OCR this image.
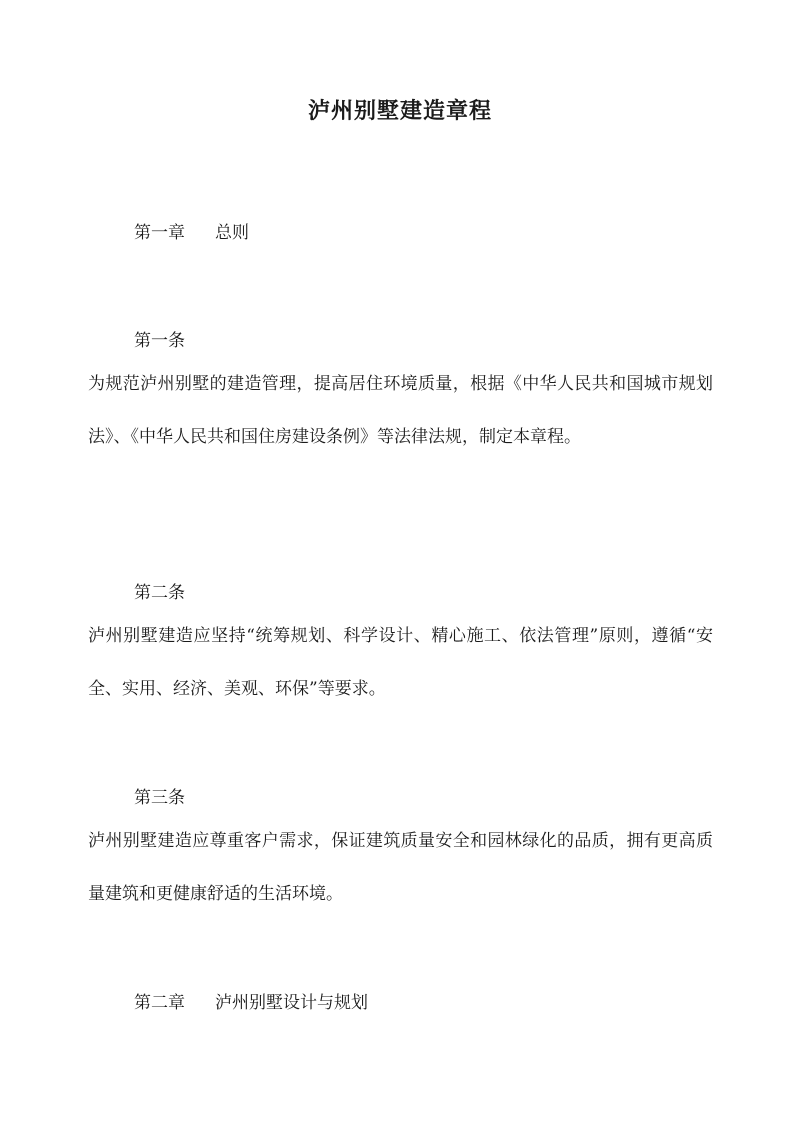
泸州别墅建造章程
第一章 总则
第一条
为规范泸州别墅的建造管理，提高居住环境质量，根据《中华人民共和国城市规划法》、《中华人民共和国住房建设条例》等法律法规，制定本章程。
第二条
泸州别墅建造应坚持“统筹规划、科学设计、精心施工、依法管理”原则，遵循“安全、实用、经济、美观、环保”等要求。
第三条
泸州别墅建造应尊重客户需求，保证建筑质量安全和园林绿化的品质，拥有更高质量建筑和更健康舒适的生活环境。
第二章 泸州别墅设计与规划
